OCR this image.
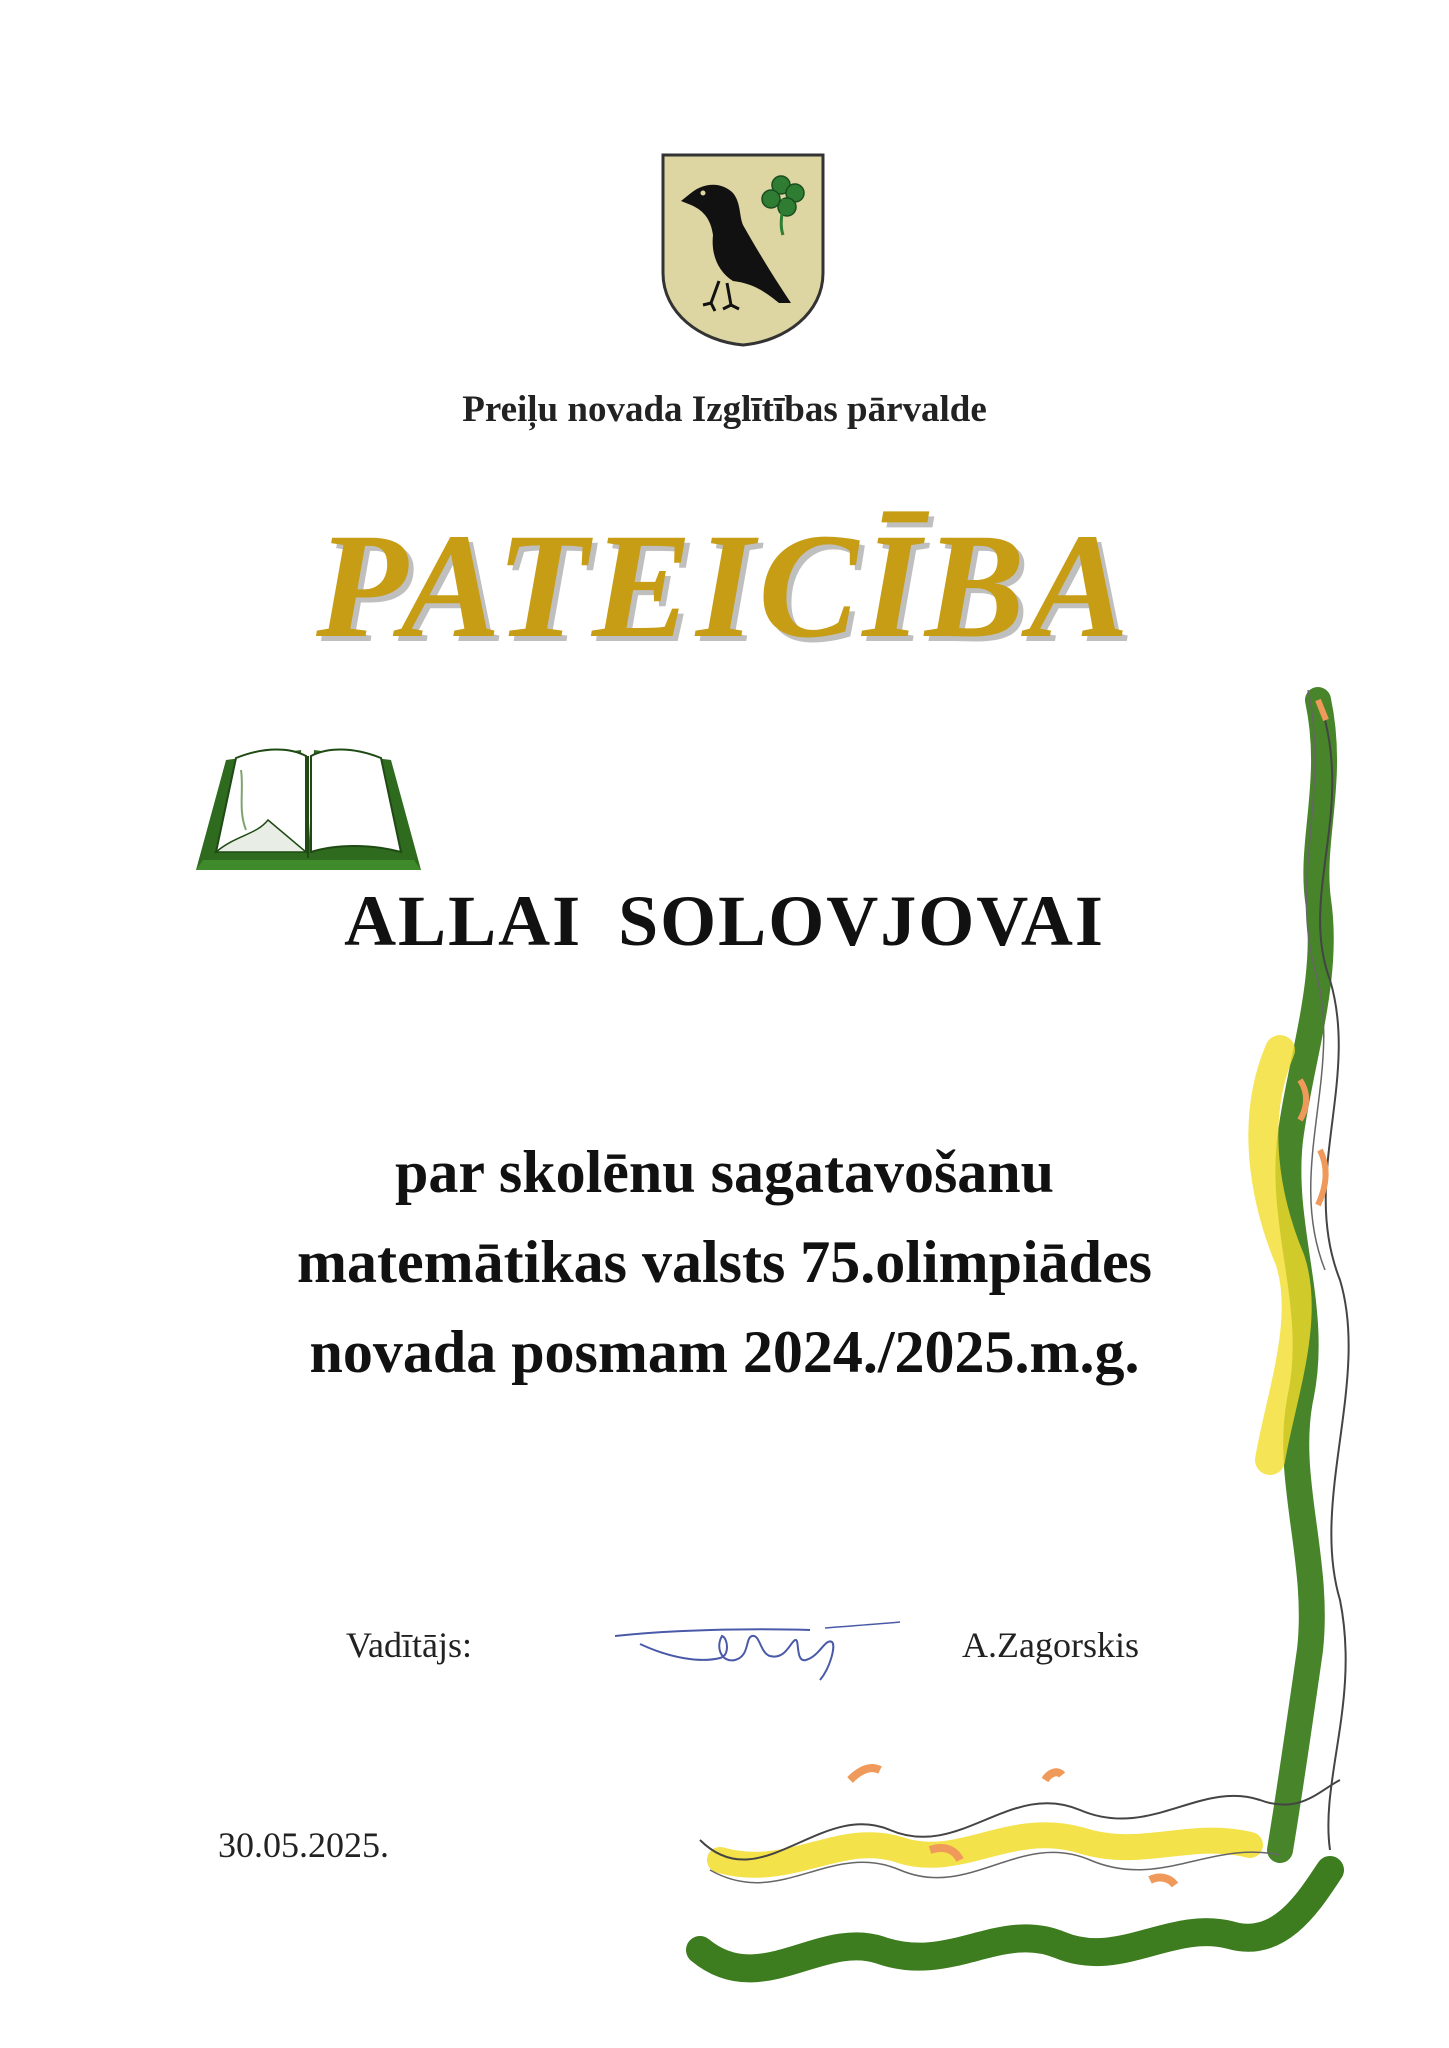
Preiļu novada Izglītības pārvalde
PATEICĪBA
ALLAI SOLOVJOVAI
par skolēnu sagatavošanu
matemātikas valsts 75.olimpiādes
novada posmam 2024./2025.m.g.
Vadītājs:	A.Zagorskis
30.05.2025.
